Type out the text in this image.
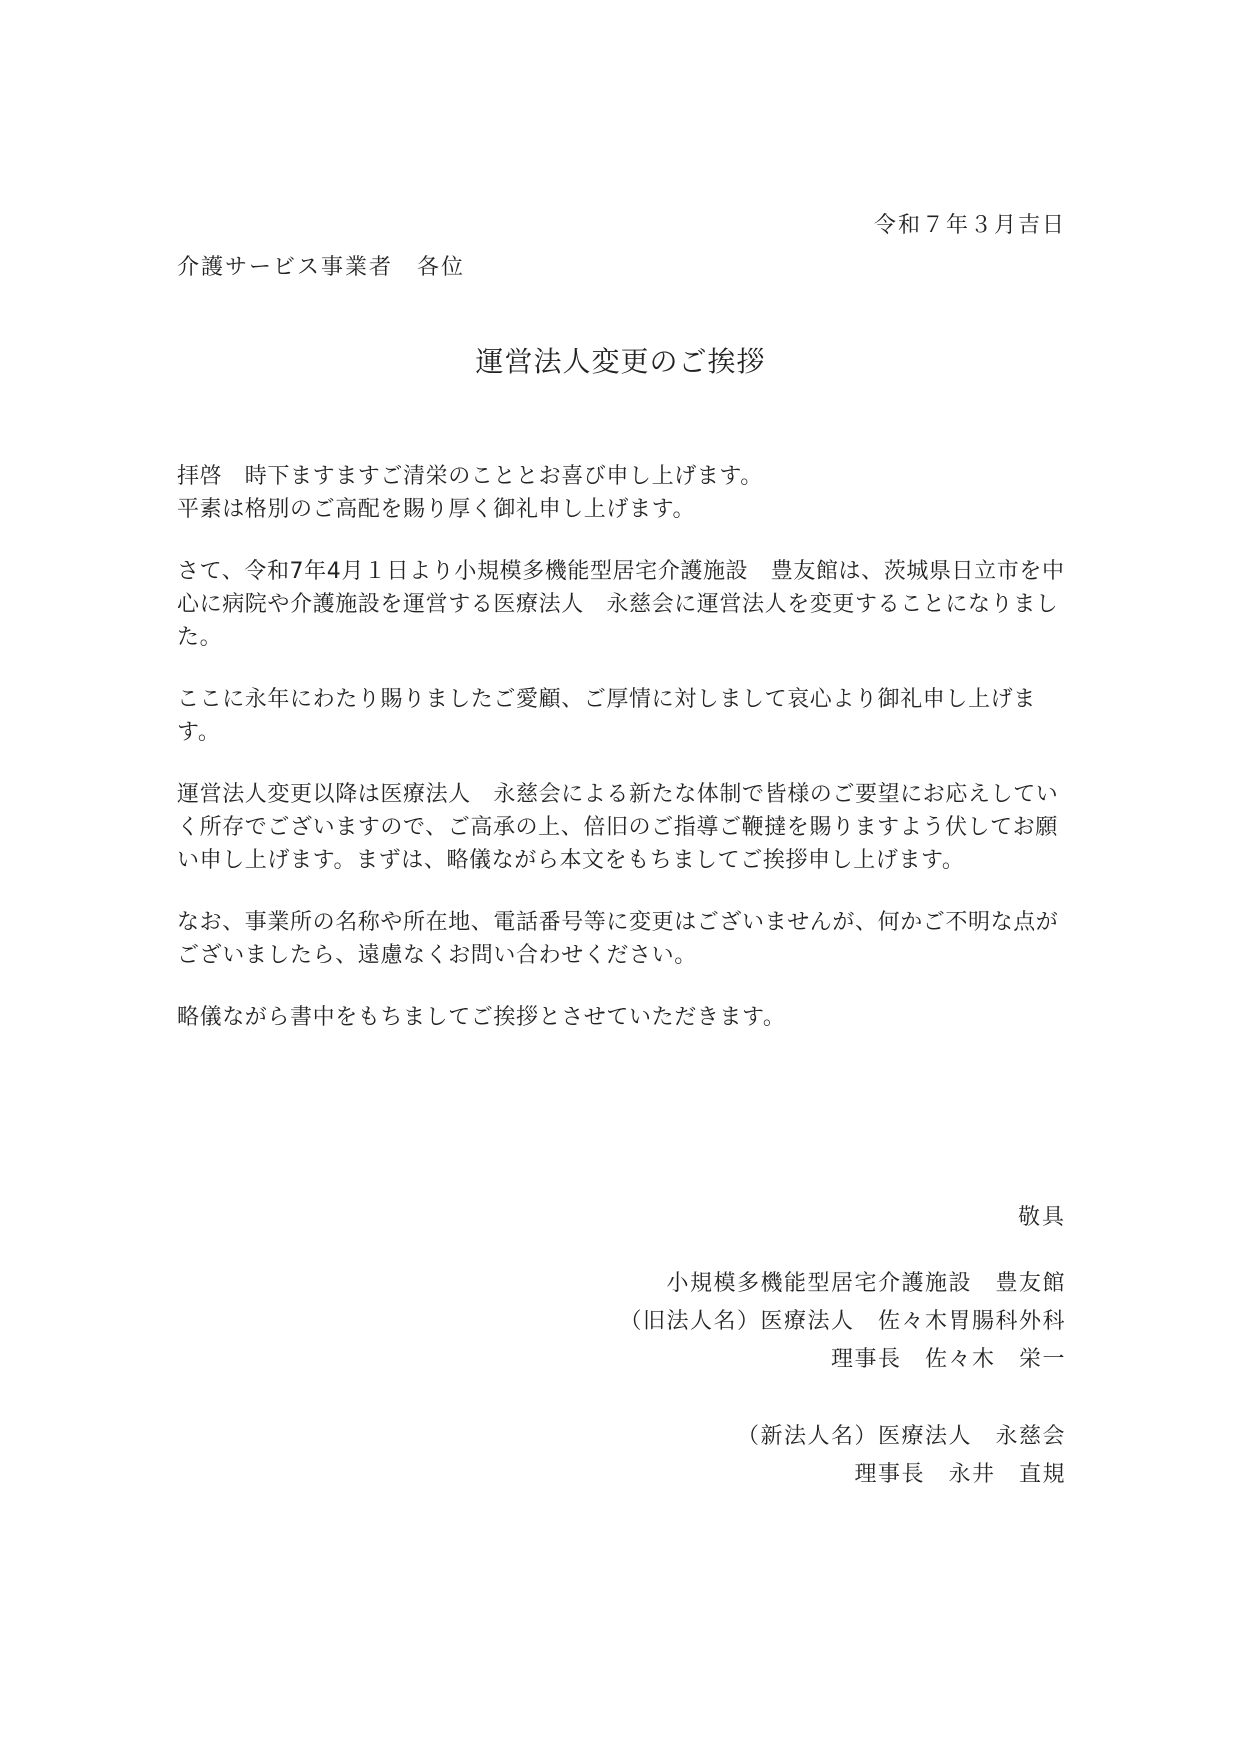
令和７年３月吉日
介護サービス事業者　各位
運営法人変更のご挨拶

拝啓　時下ますますご清栄のこととお喜び申し上げます。
平素は格別のご高配を賜り厚く御礼申し上げます。

さて、令和7年4月１日より小規模多機能型居宅介護施設　豊友館は、茨城県日立市を中心に病院や介護施設を運営する医療法人　永慈会に運営法人を変更することになりました。

ここに永年にわたり賜りましたご愛顧、ご厚情に対しまして哀心より御礼申し上げます。

運営法人変更以降は医療法人　永慈会による新たな体制で皆様のご要望にお応えしていく所存でございますので、ご高承の上、倍旧のご指導ご鞭撻を賜りますよう伏してお願い申し上げます。まずは、略儀ながら本文をもちましてご挨拶申し上げます。

なお、事業所の名称や所在地、電話番号等に変更はございませんが、何かご不明な点がございましたら、遠慮なくお問い合わせください。

略儀ながら書中をもちましてご挨拶とさせていただきます。

敬具
小規模多機能型居宅介護施設　豊友館
（旧法人名）医療法人　佐々木胃腸科外科
理事長　佐々木　栄一
（新法人名）医療法人　永慈会
理事長　永井　直規
